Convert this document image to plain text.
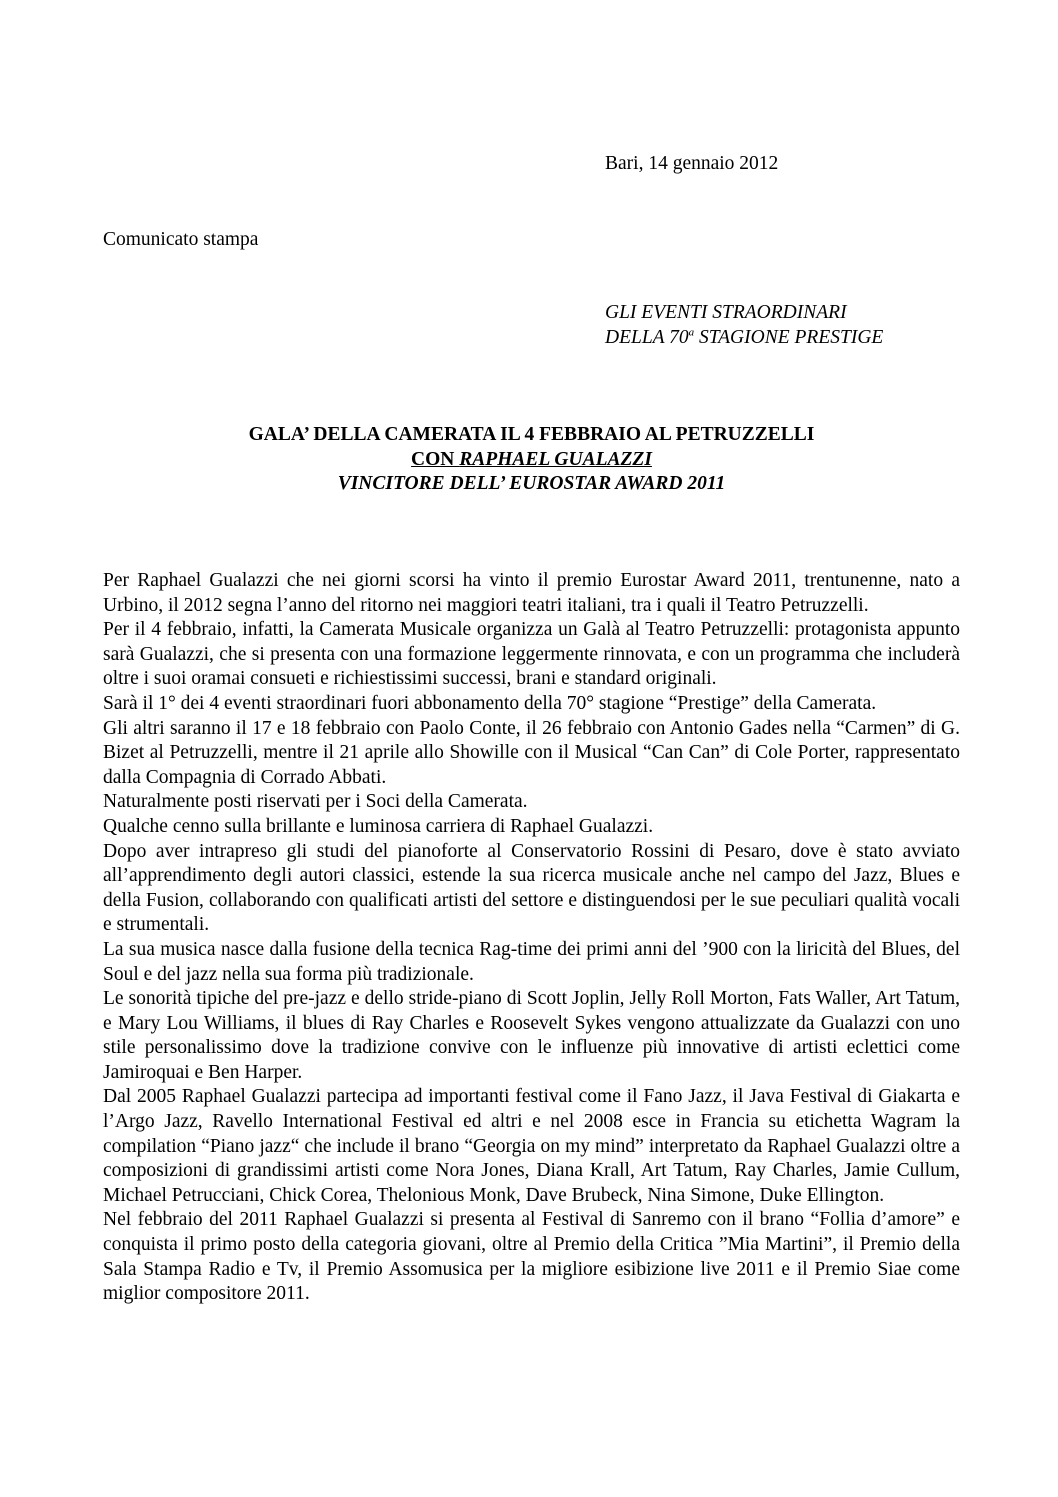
Bari, 14 gennaio 2012
Comunicato stampa
GLI EVENTI STRAORDINARI
DELLA 70$^a$ STAGIONE PRESTIGE
GALA’ DELLA CAMERATA IL 4 FEBBRAIO AL PETRUZZELLI
CON RAPHAEL GUALAZZI
VINCITORE DELL’ EUROSTAR AWARD 2011

Per Raphael Gualazzi che nei giorni scorsi ha vinto il premio Eurostar Award 2011, trentunenne, nato a Urbino, il 2012 segna l’anno del ritorno nei maggiori teatri italiani, tra i quali il Teatro Petruzzelli.

Per il 4 febbraio, infatti, la Camerata Musicale organizza un Galà al Teatro Petruzzelli: protagonista appunto sarà Gualazzi, che si presenta con una formazione leggermente rinnovata, e con un programma che includerà oltre i suoi oramai consueti e richiestissimi successi, brani e standard originali.

Sarà il 1° dei 4 eventi straordinari fuori abbonamento della 70° stagione “Prestige” della Camerata.

Gli altri saranno il 17 e 18 febbraio con Paolo Conte, il 26 febbraio con Antonio Gades nella “Carmen” di G. Bizet al Petruzzelli, mentre il 21 aprile allo Showille con il Musical “Can Can” di Cole Porter, rappresentato dalla Compagnia di Corrado Abbati.

Naturalmente posti riservati per i Soci della Camerata.

Qualche cenno sulla brillante e luminosa carriera di Raphael Gualazzi.

Dopo aver intrapreso gli studi del pianoforte al Conservatorio Rossini di Pesaro, dove è stato avviato all’apprendimento degli autori classici, estende la sua ricerca musicale anche nel campo del Jazz, Blues e della Fusion, collaborando con qualificati artisti del settore e distinguendosi per le sue peculiari qualità vocali e strumentali.

La sua musica nasce dalla fusione della tecnica Rag-time dei primi anni del ’900 con la liricità del Blues, del Soul e del jazz nella sua forma più tradizionale.

Le sonorità tipiche del pre-jazz e dello stride-piano di Scott Joplin, Jelly Roll Morton, Fats Waller, Art Tatum, e Mary Lou Williams, il blues di Ray Charles e Roosevelt Sykes vengono attualizzate da Gualazzi con uno stile personalissimo dove la tradizione convive con le influenze più innovative di artisti eclettici come Jamiroquai e Ben Harper.

Dal 2005 Raphael Gualazzi partecipa ad importanti festival come il Fano Jazz, il Java Festival di Giakarta e l’Argo Jazz, Ravello International Festival ed altri e nel 2008 esce in Francia su etichetta Wagram la compilation “Piano jazz“ che include il brano “Georgia on my mind” interpretato da Raphael Gualazzi oltre a composizioni di grandissimi artisti come Nora Jones, Diana Krall, Art Tatum, Ray Charles, Jamie Cullum, Michael Petrucciani, Chick Corea, Thelonious Monk, Dave Brubeck, Nina Simone, Duke Ellington.

Nel febbraio del 2011 Raphael Gualazzi si presenta al Festival di Sanremo con il brano “Follia d’amore” e conquista il primo posto della categoria giovani, oltre al Premio della Critica ”Mia Martini”, il Premio della Sala Stampa Radio e Tv, il Premio Assomusica per la migliore esibizione live 2011 e il Premio Siae come miglior compositore 2011.
